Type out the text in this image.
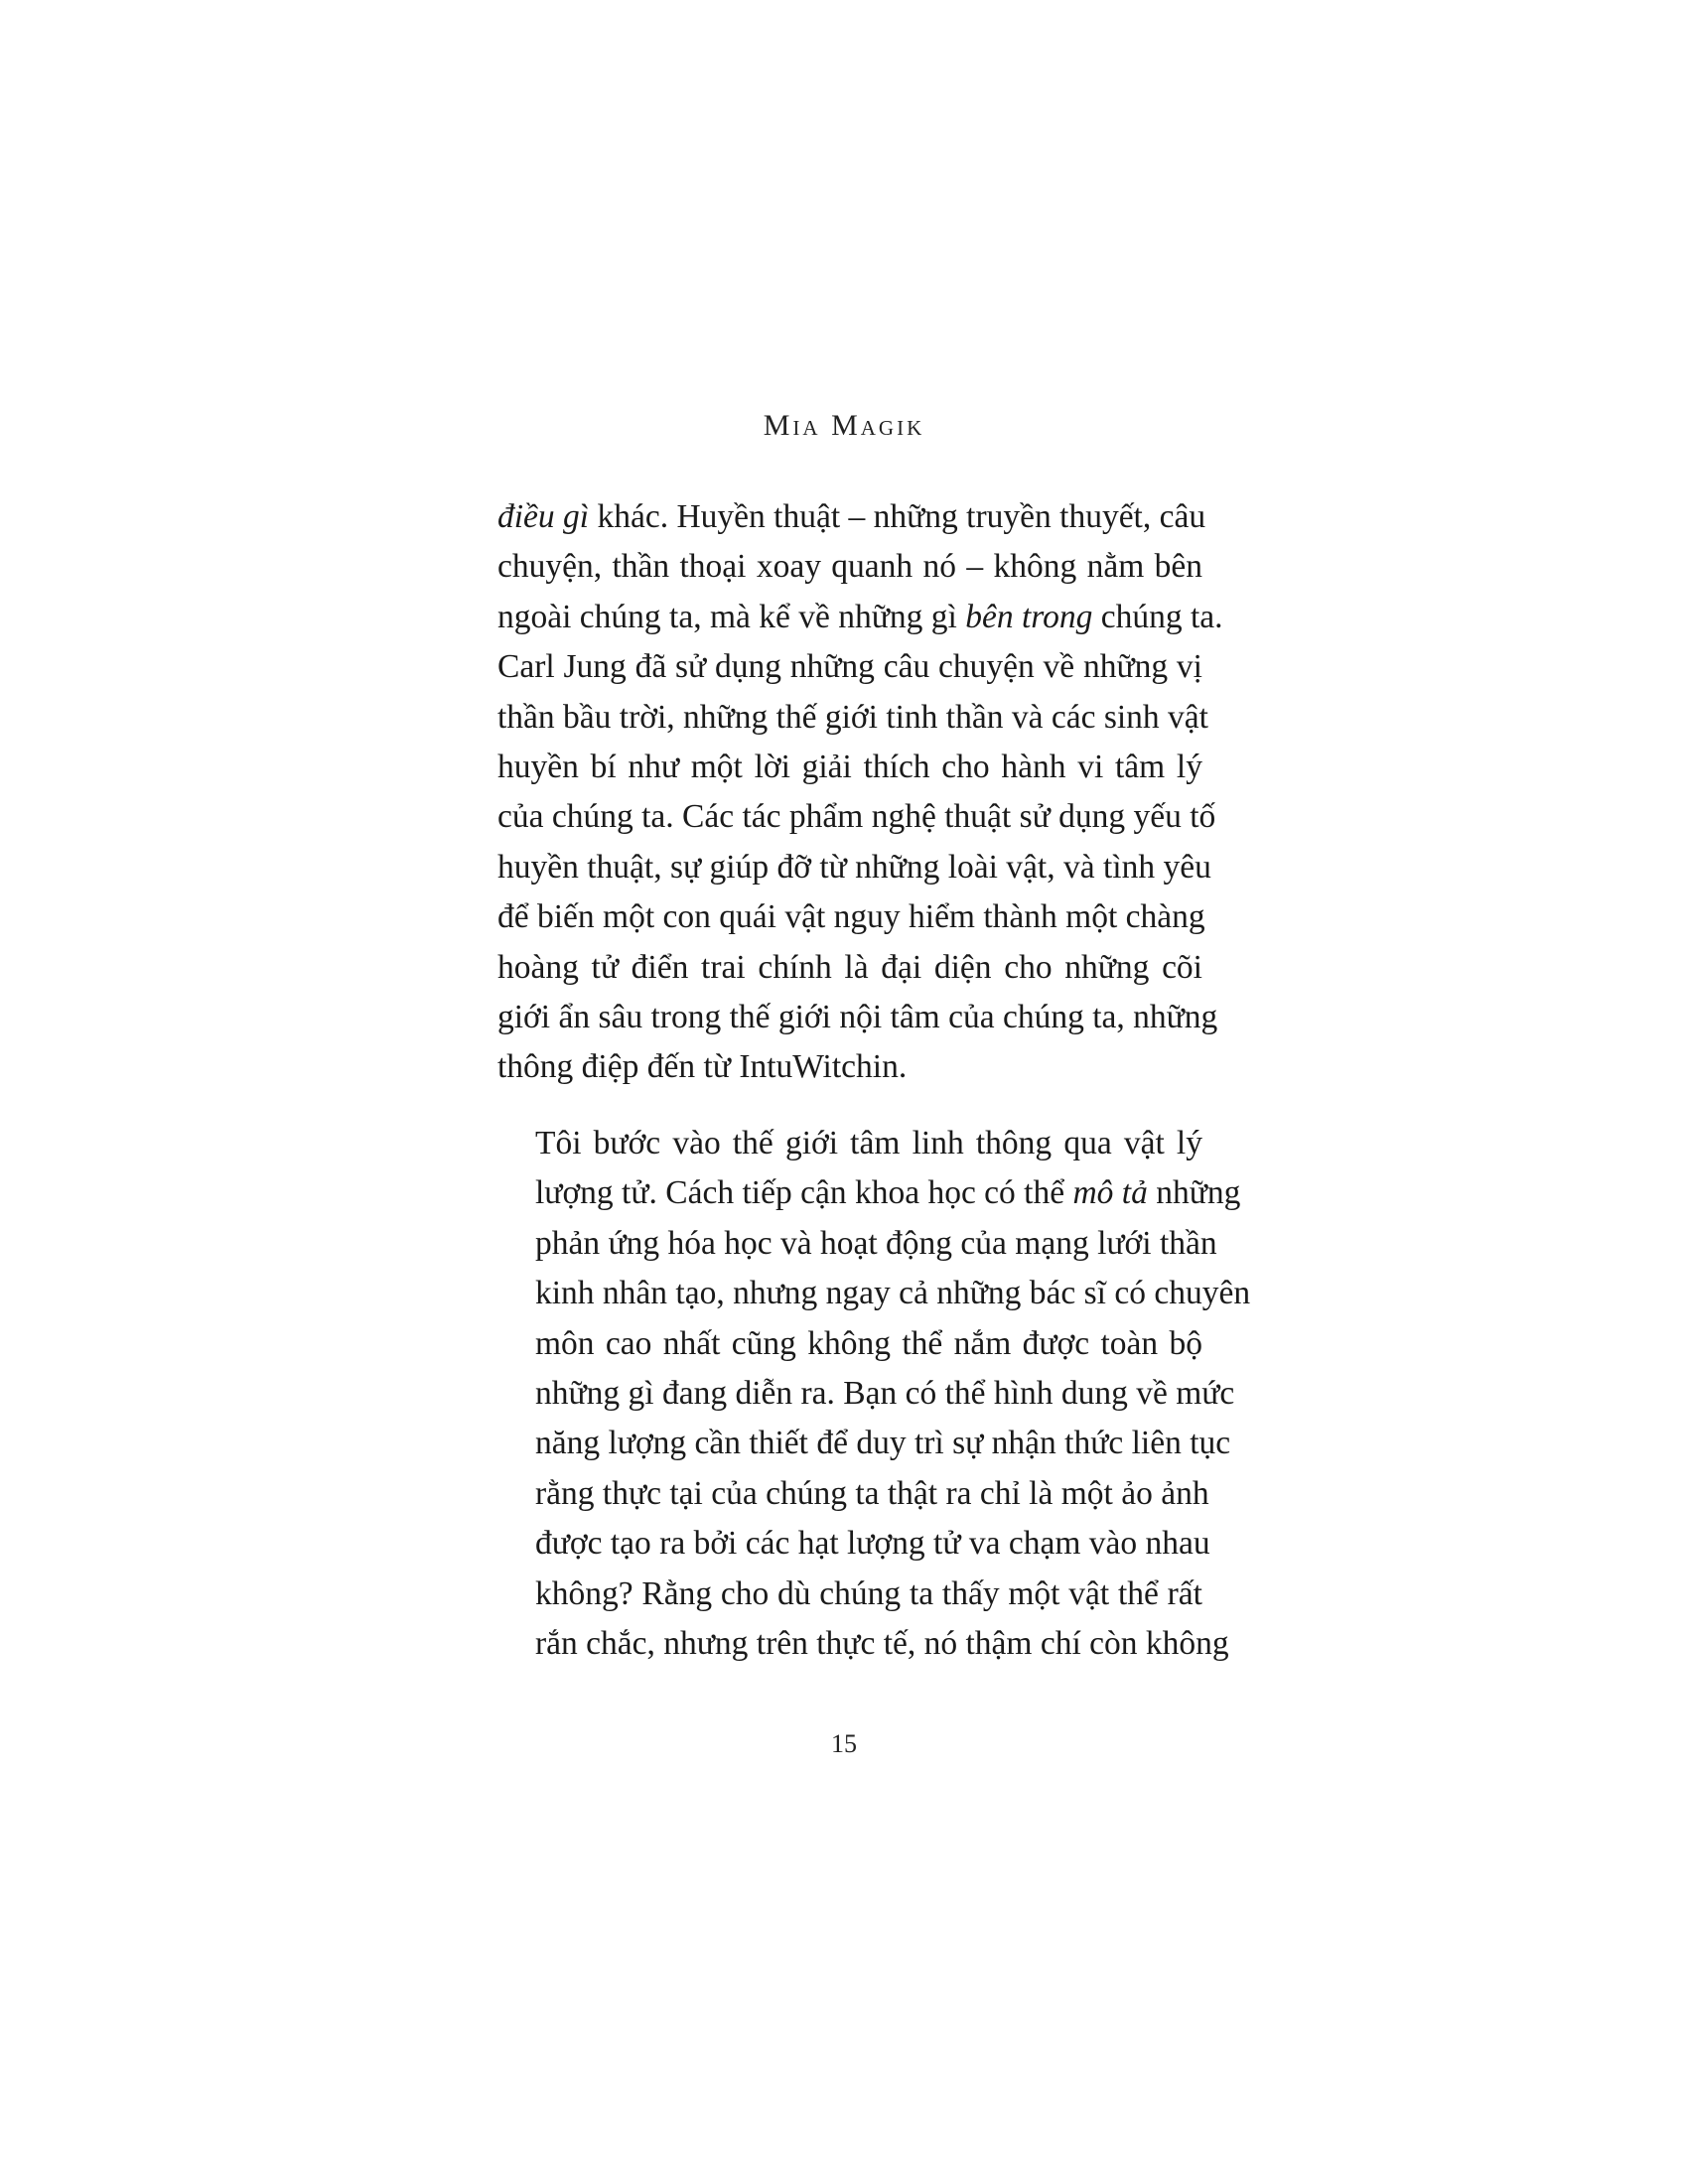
Mia Magik

điều gì khác. Huyền thuật – những truyền thuyết, câu
chuyện, thần thoại xoay quanh nó – không nằm bên
ngoài chúng ta, mà kể về những gì bên trong chúng ta.
Carl Jung đã sử dụng những câu chuyện về những vị
thần bầu trời, những thế giới tinh thần và các sinh vật
huyền bí như một lời giải thích cho hành vi tâm lý
của chúng ta. Các tác phẩm nghệ thuật sử dụng yếu tố
huyền thuật, sự giúp đỡ từ những loài vật, và tình yêu
để biến một con quái vật nguy hiểm thành một chàng
hoàng tử điển trai chính là đại diện cho những cõi
giới ẩn sâu trong thế giới nội tâm của chúng ta, những
thông điệp đến từ IntuWitchin.

Tôi bước vào thế giới tâm linh thông qua vật lý
lượng tử. Cách tiếp cận khoa học có thể mô tả những
phản ứng hóa học và hoạt động của mạng lưới thần
kinh nhân tạo, nhưng ngay cả những bác sĩ có chuyên
môn cao nhất cũng không thể nắm được toàn bộ
những gì đang diễn ra. Bạn có thể hình dung về mức
năng lượng cần thiết để duy trì sự nhận thức liên tục
rằng thực tại của chúng ta thật ra chỉ là một ảo ảnh
được tạo ra bởi các hạt lượng tử va chạm vào nhau
không? Rằng cho dù chúng ta thấy một vật thể rất
rắn chắc, nhưng trên thực tế, nó thậm chí còn không

15
